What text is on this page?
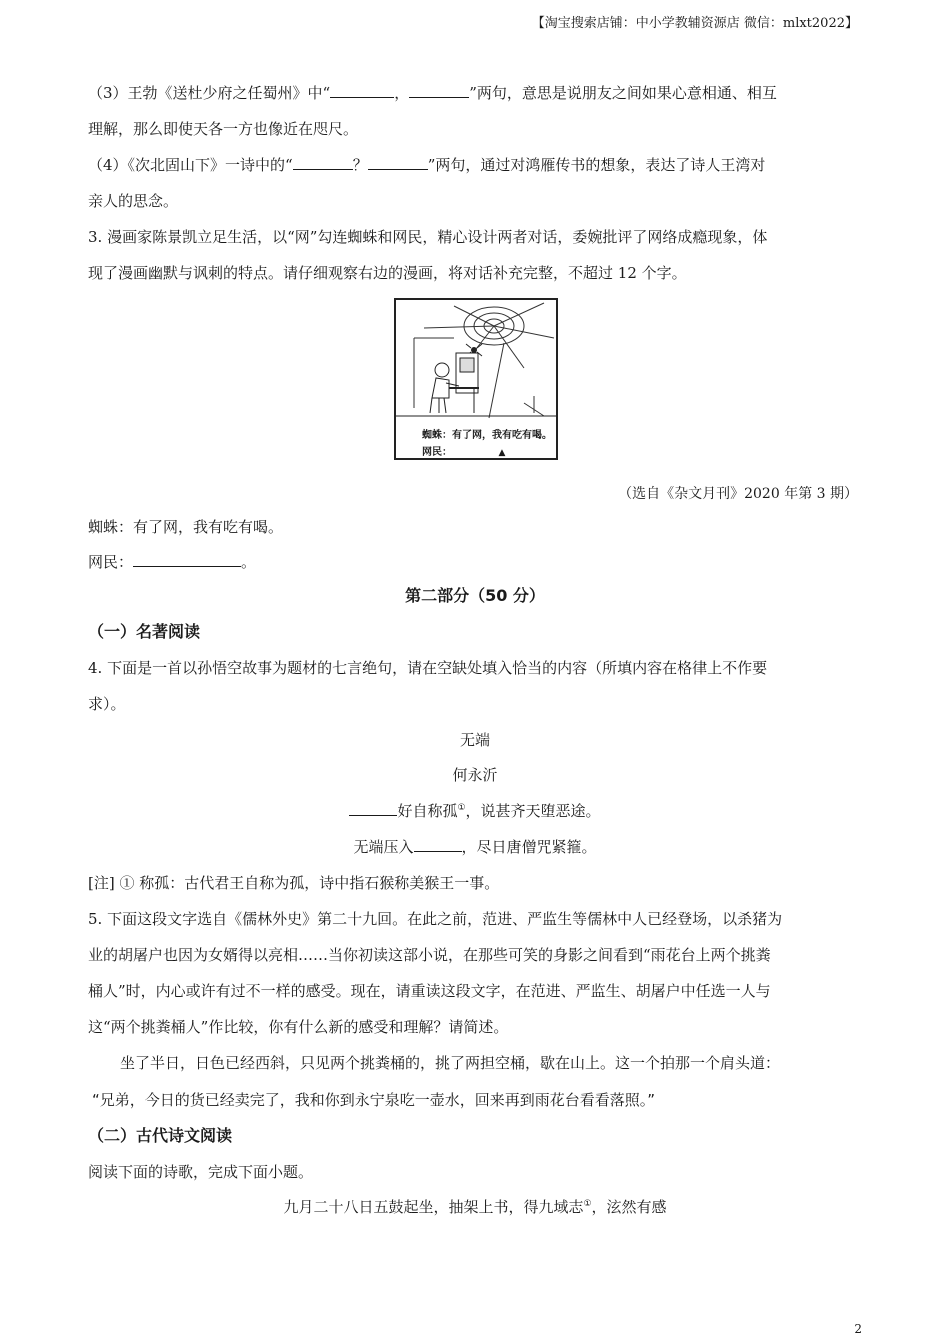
【淘宝搜索店铺：中小学教辅资源店 微信：mlxt2022】
（3）王勃《送杜少府之任蜀州》中“	，	”两句，意思是说朋友之间如果心意相通、相互
理解，那么即使天各一方也像近在咫尺。
（4）《次北固山下》一诗中的“	？	”两句，通过对鸿雁传书的想象，表达了诗人王湾对
亲人的思念。
3. 漫画家陈景凯立足生活，以“网”勾连蜘蛛和网民，精心设计两者对话，委婉批评了网络成瘾现象，体
现了漫画幽默与讽刺的特点。请仔细观察右边的漫画，将对话补充完整，不超过 12 个字。
蜘蛛：有了网，我有吃有喝。
网民：	▲
（选自《杂文月刊》2020 年第 3 期）
蜘蛛：有了网，我有吃有喝。
网民：	。
第二部分（50 分）
（一）名著阅读
4. 下面是一首以孙悟空故事为题材的七言绝句，请在空缺处填入恰当的内容（所填内容在格律上不作要
求）。
无端
何永沂
好自称孤①，说甚齐天堕恶途。
无端压入	，尽日唐僧咒紧箍。
[注] ① 称孤：古代君王自称为孤，诗中指石猴称美猴王一事。
5. 下面这段文字选自《儒林外史》第二十九回。在此之前，范进、严监生等儒林中人已经登场，以杀猪为
业的胡屠户也因为女婿得以亮相……当你初读这部小说，在那些可笑的身影之间看到“雨花台上两个挑粪
桶人”时，内心或许有过不一样的感受。现在，请重读这段文字，在范进、严监生、胡屠户中任选一人与
这“两个挑粪桶人”作比较，你有什么新的感受和理解？请简述。
坐了半日，日色已经西斜，只见两个挑粪桶的，挑了两担空桶，歇在山上。这一个拍那一个肩头道：
“兄弟，今日的货已经卖完了，我和你到永宁泉吃一壶水，回来再到雨花台看看落照。”
（二）古代诗文阅读
阅读下面的诗歌，完成下面小题。
九月二十八日五鼓起坐，抽架上书，得九域志①，泫然有感
2
